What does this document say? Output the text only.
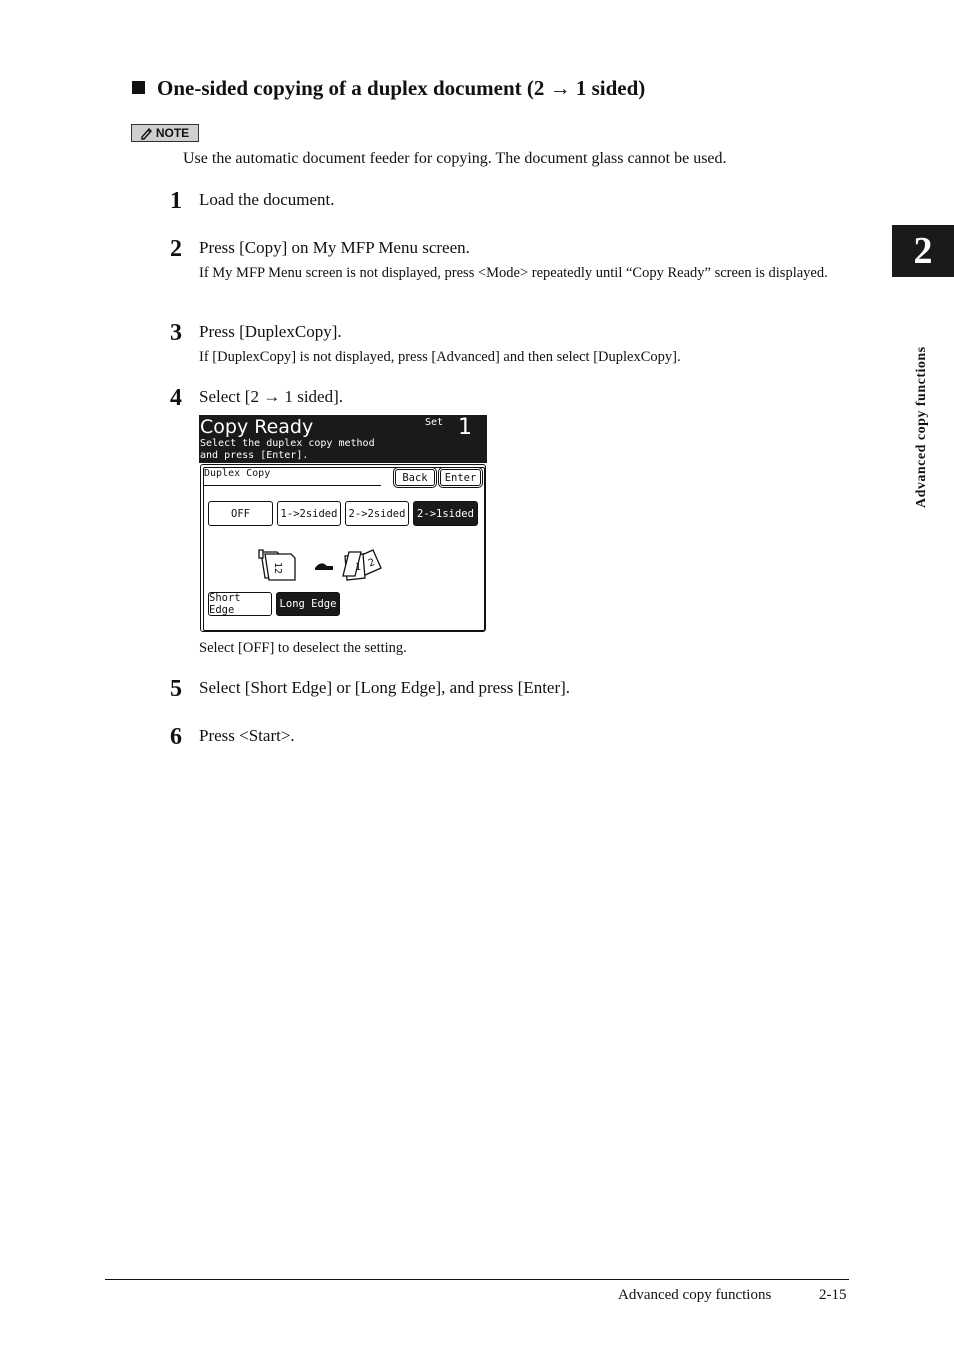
One-sided copying of a duplex document (2 → 1 sided)
NOTE
Use the automatic document feeder for copying. The document glass cannot be used.
1 Load the document.
2 Press [Copy] on My MFP Menu screen.
If My MFP Menu screen is not displayed, press <Mode> repeatedly until “Copy Ready” screen is displayed.
3 Press [DuplexCopy].
If [DuplexCopy] is not displayed, press [Advanced] and then select [DuplexCopy].
4 Select [2 → 1 sided].
Copy Ready
Select the duplex copy method
and press [Enter].
Set 1
Duplex Copy	Back	Enter
OFF	1->2sided	2->2sided	2->1sided
12	1 2
Short Edge	Long Edge
Select [OFF] to deselect the setting.
5 Select [Short Edge] or [Long Edge], and press [Enter].
6 Press <Start>.
2
Advanced copy functions
Advanced copy functions	2-15
